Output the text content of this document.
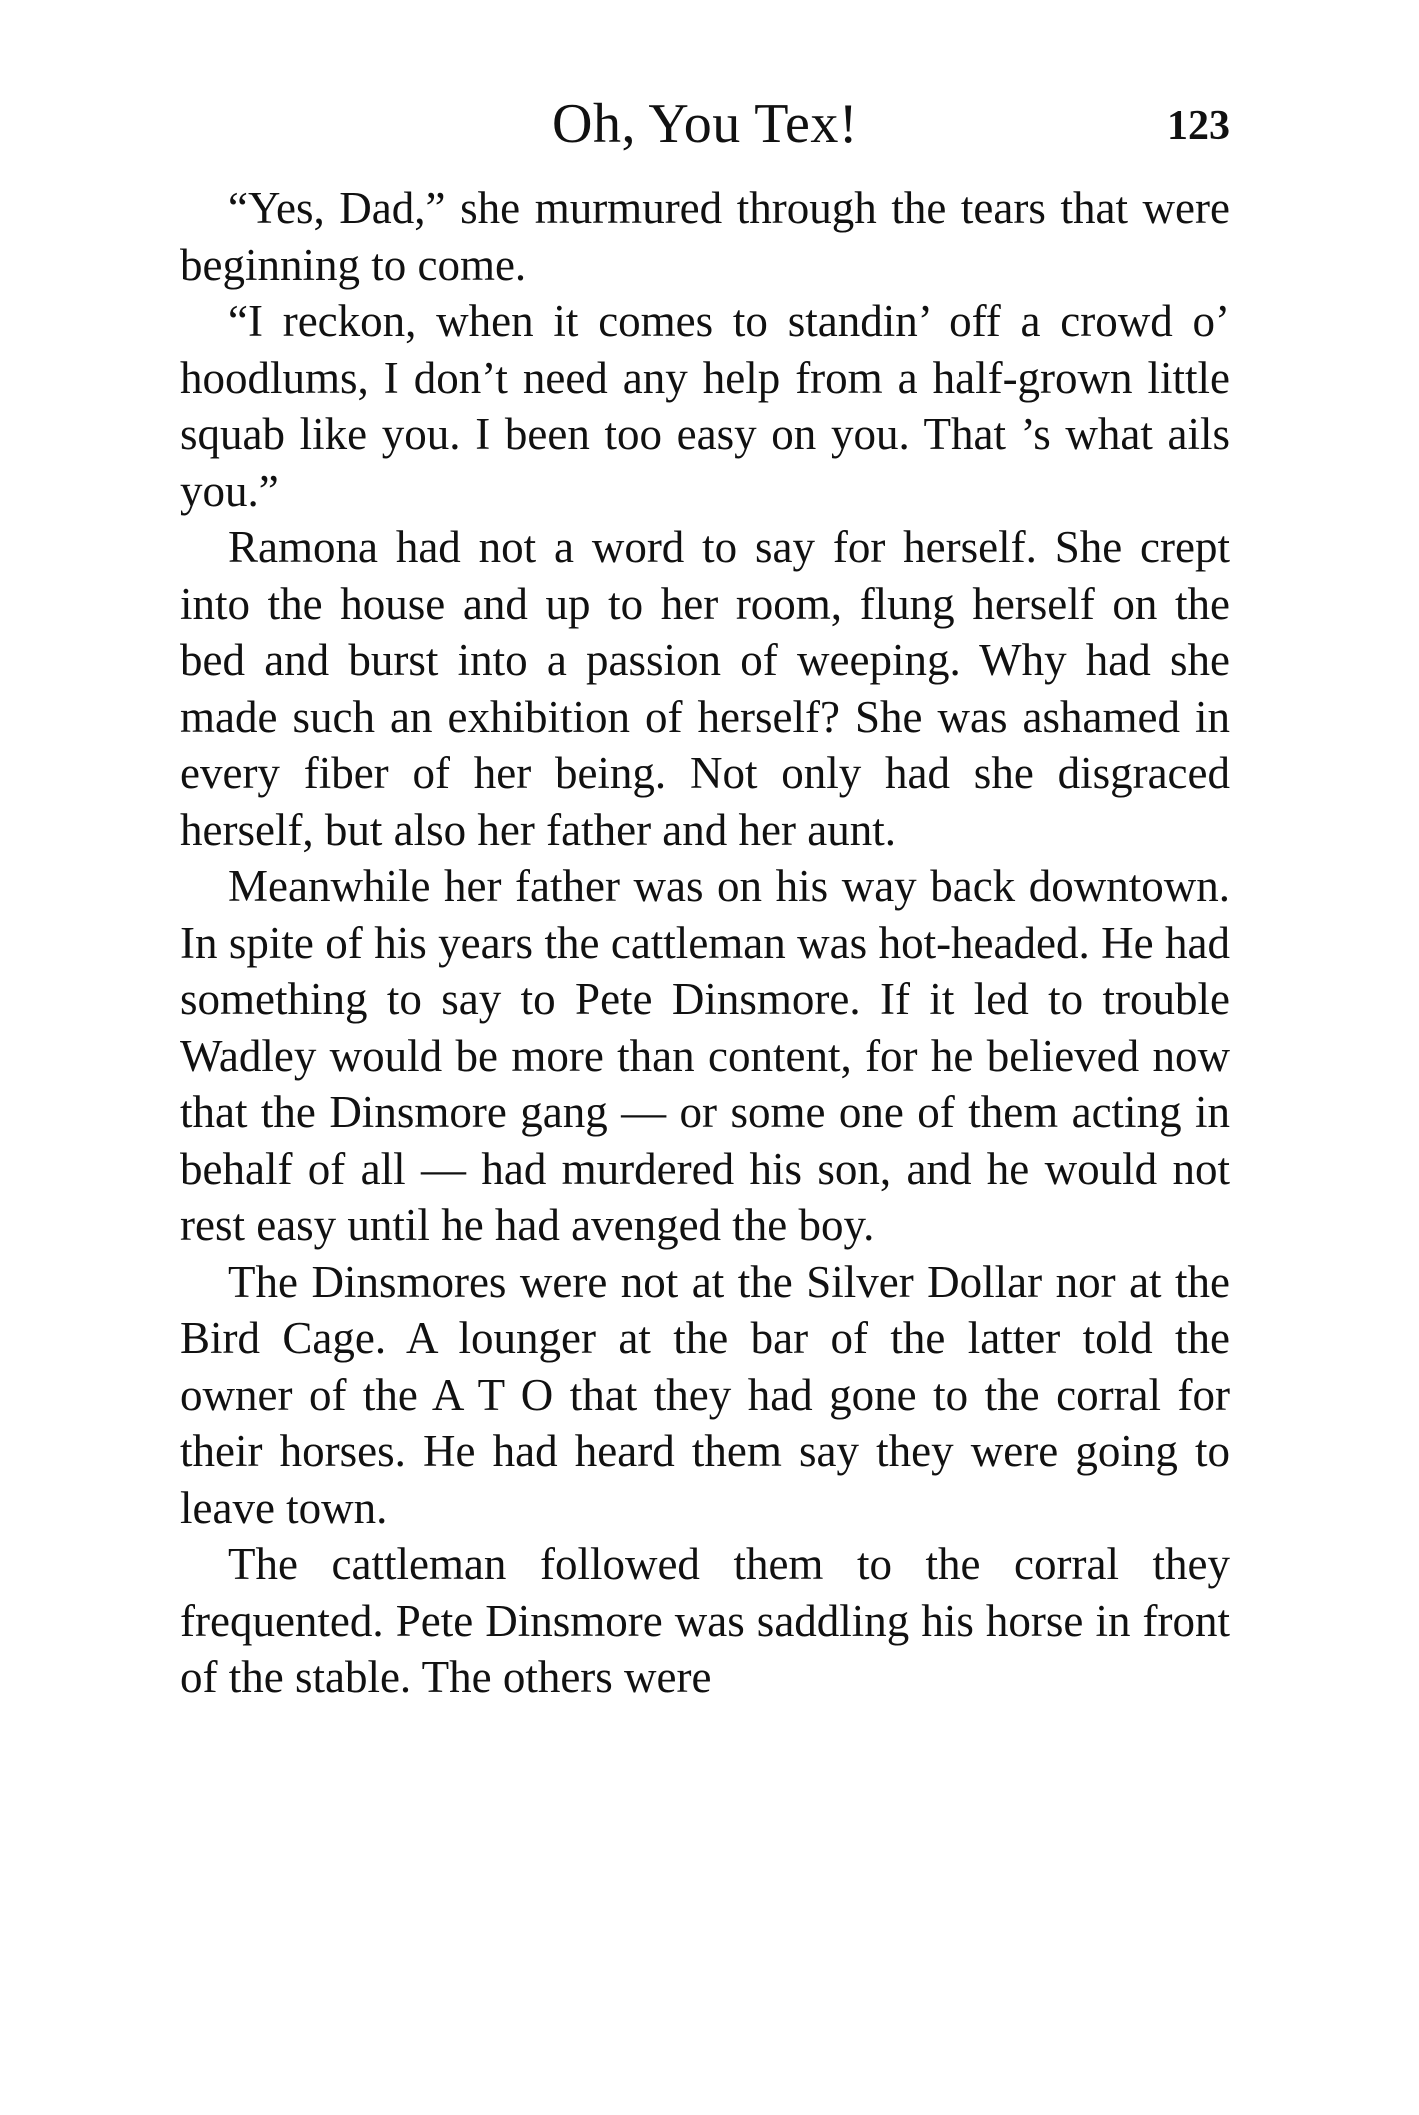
Oh, You Tex!	123

“Yes, Dad,” she murmured through the tears that were beginning to come.

“I reckon, when it comes to standin’ off a crowd o’ hoodlums, I don’t need any help from a half-grown little squab like you. I been too easy on you. That ’s what ails you.”

Ramona had not a word to say for herself. She crept into the house and up to her room, flung herself on the bed and burst into a passion of weeping. Why had she made such an exhibition of herself? She was ashamed in every fiber of her being. Not only had she disgraced herself, but also her father and her aunt.

Meanwhile her father was on his way back downtown. In spite of his years the cattleman was hot-headed. He had something to say to Pete Dinsmore. If it led to trouble Wadley would be more than content, for he believed now that the Dinsmore gang — or some one of them acting in behalf of all — had murdered his son, and he would not rest easy until he had avenged the boy.

The Dinsmores were not at the Silver Dollar nor at the Bird Cage. A lounger at the bar of the latter told the owner of the A T O that they had gone to the corral for their horses. He had heard them say they were going to leave town.

The cattleman followed them to the corral they frequented. Pete Dinsmore was saddling his horse in front of the stable. The others were
